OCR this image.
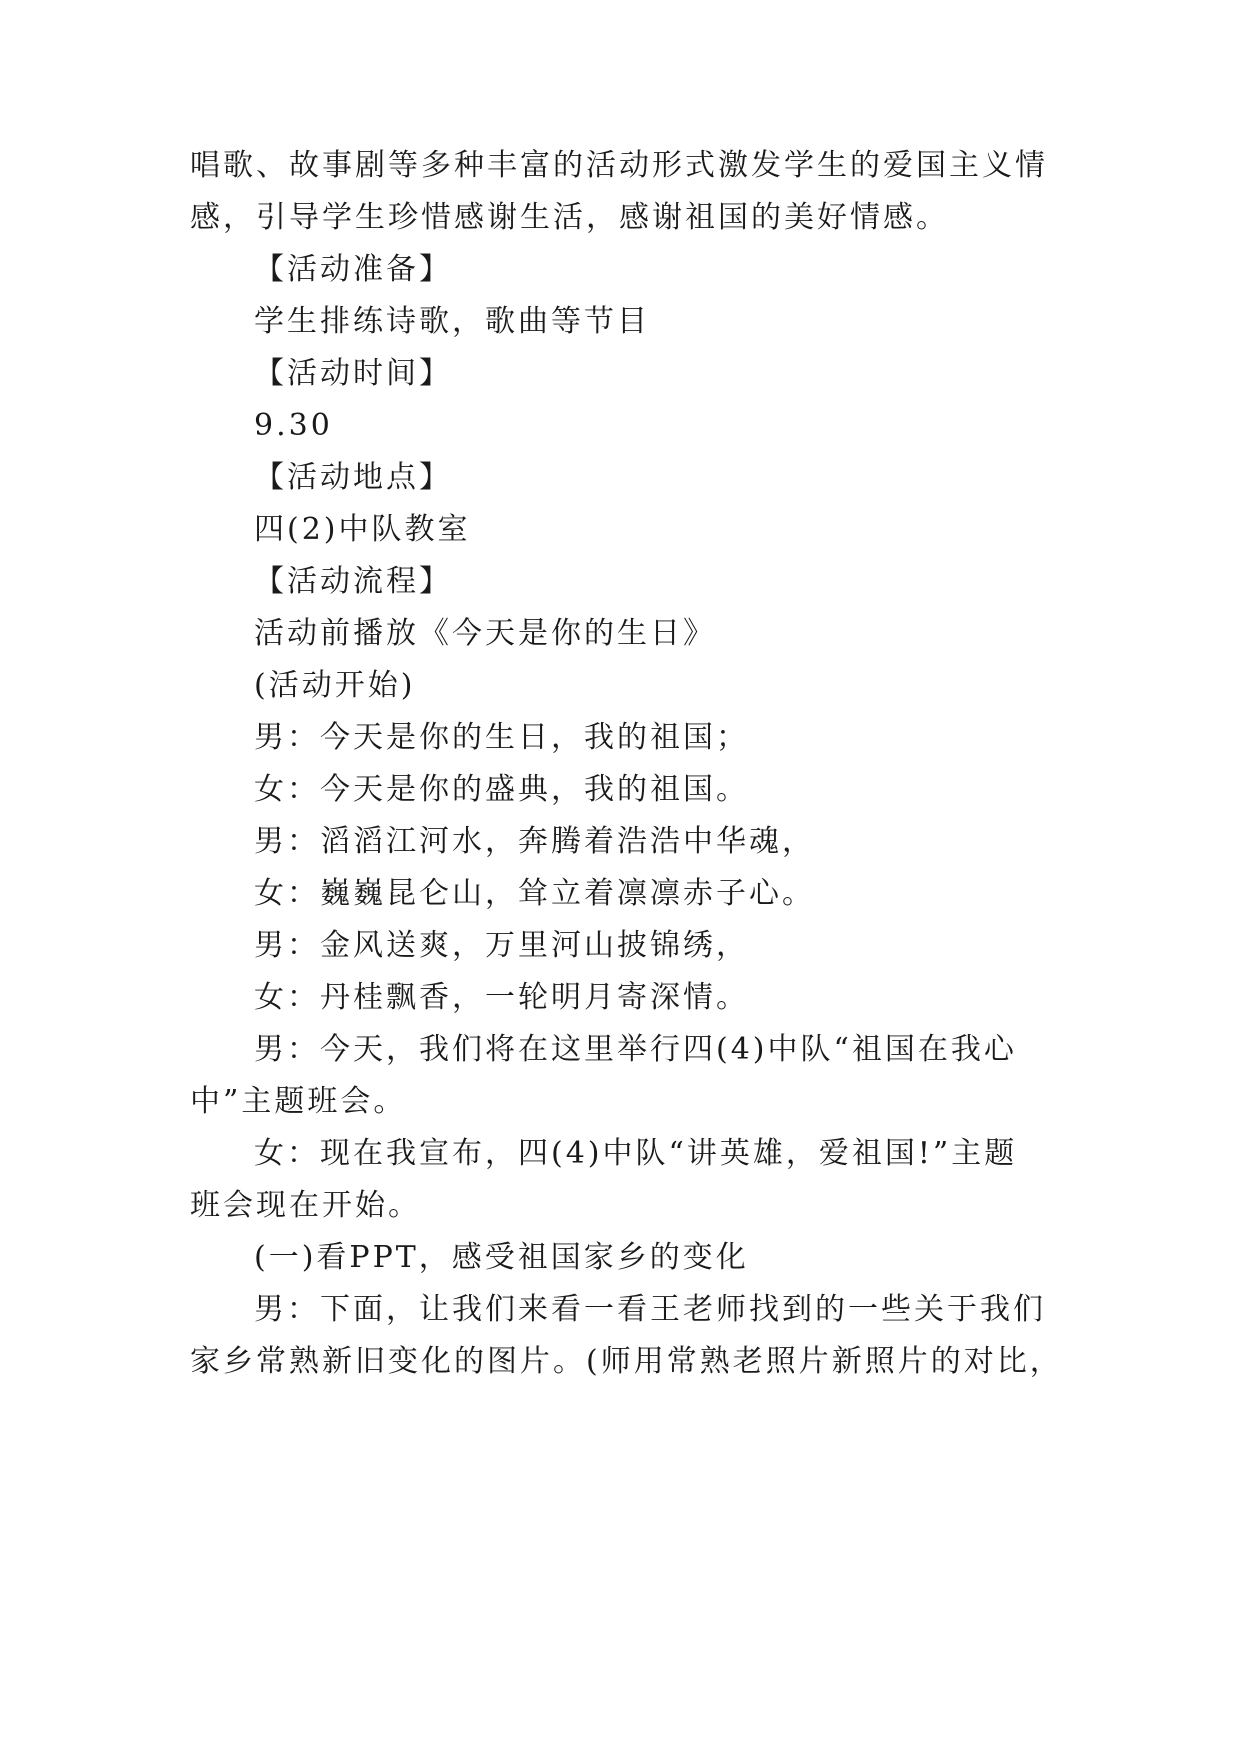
唱歌、故事剧等多种丰富的活动形式激发学生的爱国主义情
感，引导学生珍惜感谢生活，感谢祖国的美好情感。
【活动准备】
学生排练诗歌，歌曲等节目
【活动时间】
9.30
【活动地点】
四(2)中队教室
【活动流程】
活动前播放《今天是你的生日》
(活动开始)
男：今天是你的生日，我的祖国；
女：今天是你的盛典，我的祖国。
男：滔滔江河水，奔腾着浩浩中华魂，
女：巍巍昆仑山，耸立着凛凛赤子心。
男：金风送爽，万里河山披锦绣，
女：丹桂飘香，一轮明月寄深情。
男：今天，我们将在这里举行四(4)中队“祖国在我心
中”主题班会。
女：现在我宣布，四(4)中队“讲英雄，爱祖国!”主题
班会现在开始。
(一)看PPT，感受祖国家乡的变化
男：下面，让我们来看一看王老师找到的一些关于我们
家乡常熟新旧变化的图片。(师用常熟老照片新照片的对比，
